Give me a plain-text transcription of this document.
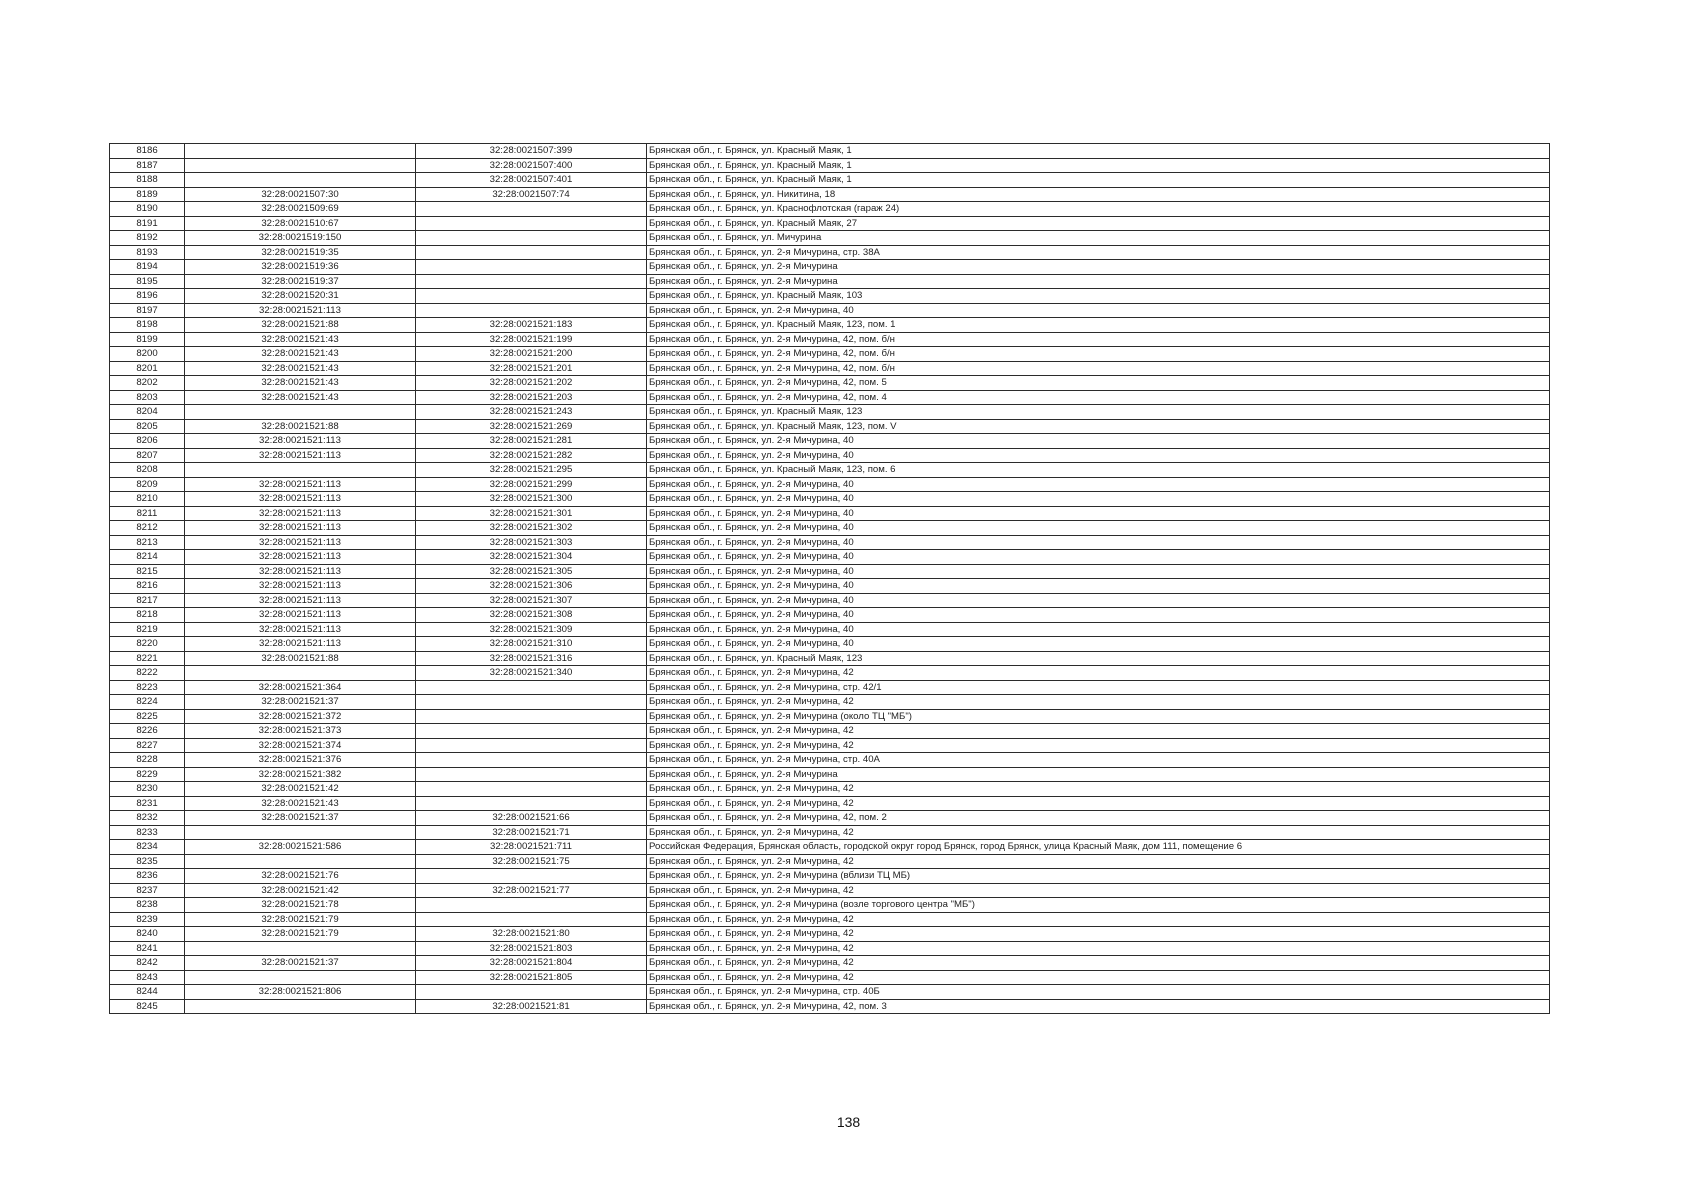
8186		32:28:0021507:399	Брянская обл., г. Брянск, ул. Красный Маяк, 1
8187		32:28:0021507:400	Брянская обл., г. Брянск, ул. Красный Маяк, 1
8188		32:28:0021507:401	Брянская обл., г. Брянск, ул. Красный Маяк, 1
8189	32:28:0021507:30	32:28:0021507:74	Брянская обл., г. Брянск, ул. Никитина, 18
8190	32:28:0021509:69		Брянская обл., г. Брянск, ул. Краснофлотская (гараж 24)
8191	32:28:0021510:67		Брянская обл., г. Брянск, ул. Красный Маяк, 27
8192	32:28:0021519:150		Брянская обл., г. Брянск, ул. Мичурина
8193	32:28:0021519:35		Брянская обл., г. Брянск, ул. 2-я Мичурина, стр. 38А
8194	32:28:0021519:36		Брянская обл., г. Брянск, ул. 2-я Мичурина
8195	32:28:0021519:37		Брянская обл., г. Брянск, ул. 2-я Мичурина
8196	32:28:0021520:31		Брянская обл., г. Брянск, ул. Красный Маяк, 103
8197	32:28:0021521:113		Брянская обл., г. Брянск, ул. 2-я Мичурина, 40
8198	32:28:0021521:88	32:28:0021521:183	Брянская обл., г. Брянск, ул. Красный Маяк, 123, пом. 1
8199	32:28:0021521:43	32:28:0021521:199	Брянская обл., г. Брянск, ул. 2-я Мичурина, 42, пом. б/н
8200	32:28:0021521:43	32:28:0021521:200	Брянская обл., г. Брянск, ул. 2-я Мичурина, 42, пом. б/н
8201	32:28:0021521:43	32:28:0021521:201	Брянская обл., г. Брянск, ул. 2-я Мичурина, 42, пом. б/н
8202	32:28:0021521:43	32:28:0021521:202	Брянская обл., г. Брянск, ул. 2-я Мичурина, 42, пом. 5
8203	32:28:0021521:43	32:28:0021521:203	Брянская обл., г. Брянск, ул. 2-я Мичурина, 42, пом. 4
8204		32:28:0021521:243	Брянская обл., г. Брянск, ул. Красный Маяк, 123
8205	32:28:0021521:88	32:28:0021521:269	Брянская обл., г. Брянск, ул. Красный Маяк, 123, пом. V
8206	32:28:0021521:113	32:28:0021521:281	Брянская обл., г. Брянск, ул. 2-я Мичурина, 40
8207	32:28:0021521:113	32:28:0021521:282	Брянская обл., г. Брянск, ул. 2-я Мичурина, 40
8208		32:28:0021521:295	Брянская обл., г. Брянск, ул. Красный Маяк, 123, пом. 6
8209	32:28:0021521:113	32:28:0021521:299	Брянская обл., г. Брянск, ул. 2-я Мичурина, 40
8210	32:28:0021521:113	32:28:0021521:300	Брянская обл., г. Брянск, ул. 2-я Мичурина, 40
8211	32:28:0021521:113	32:28:0021521:301	Брянская обл., г. Брянск, ул. 2-я Мичурина, 40
8212	32:28:0021521:113	32:28:0021521:302	Брянская обл., г. Брянск, ул. 2-я Мичурина, 40
8213	32:28:0021521:113	32:28:0021521:303	Брянская обл., г. Брянск, ул. 2-я Мичурина, 40
8214	32:28:0021521:113	32:28:0021521:304	Брянская обл., г. Брянск, ул. 2-я Мичурина, 40
8215	32:28:0021521:113	32:28:0021521:305	Брянская обл., г. Брянск, ул. 2-я Мичурина, 40
8216	32:28:0021521:113	32:28:0021521:306	Брянская обл., г. Брянск, ул. 2-я Мичурина, 40
8217	32:28:0021521:113	32:28:0021521:307	Брянская обл., г. Брянск, ул. 2-я Мичурина, 40
8218	32:28:0021521:113	32:28:0021521:308	Брянская обл., г. Брянск, ул. 2-я Мичурина, 40
8219	32:28:0021521:113	32:28:0021521:309	Брянская обл., г. Брянск, ул. 2-я Мичурина, 40
8220	32:28:0021521:113	32:28:0021521:310	Брянская обл., г. Брянск, ул. 2-я Мичурина, 40
8221	32:28:0021521:88	32:28:0021521:316	Брянская обл., г. Брянск, ул. Красный Маяк, 123
8222		32:28:0021521:340	Брянская обл., г. Брянск, ул. 2-я Мичурина, 42
8223	32:28:0021521:364		Брянская обл., г. Брянск, ул. 2-я Мичурина, стр. 42/1
8224	32:28:0021521:37		Брянская обл., г. Брянск, ул. 2-я Мичурина, 42
8225	32:28:0021521:372		Брянская обл., г. Брянск, ул. 2-я Мичурина (около ТЦ "МБ")
8226	32:28:0021521:373		Брянская обл., г. Брянск, ул. 2-я Мичурина, 42
8227	32:28:0021521:374		Брянская обл., г. Брянск, ул. 2-я Мичурина, 42
8228	32:28:0021521:376		Брянская обл., г. Брянск, ул. 2-я Мичурина, стр. 40А
8229	32:28:0021521:382		Брянская обл., г. Брянск, ул. 2-я Мичурина
8230	32:28:0021521:42		Брянская обл., г. Брянск, ул. 2-я Мичурина, 42
8231	32:28:0021521:43		Брянская обл., г. Брянск, ул. 2-я Мичурина, 42
8232	32:28:0021521:37	32:28:0021521:66	Брянская обл., г. Брянск, ул. 2-я Мичурина, 42, пом. 2
8233		32:28:0021521:71	Брянская обл., г. Брянск, ул. 2-я Мичурина, 42
8234	32:28:0021521:586	32:28:0021521:711	Российская Федерация, Брянская область, городской округ город Брянск, город Брянск, улица Красный Маяк, дом 111, помещение 6
8235		32:28:0021521:75	Брянская обл., г. Брянск, ул. 2-я Мичурина, 42
8236	32:28:0021521:76		Брянская обл., г. Брянск, ул. 2-я Мичурина (вблизи ТЦ МБ)
8237	32:28:0021521:42	32:28:0021521:77	Брянская обл., г. Брянск, ул. 2-я Мичурина, 42
8238	32:28:0021521:78		Брянская обл., г. Брянск, ул. 2-я Мичурина (возле торгового центра "МБ")
8239	32:28:0021521:79		Брянская обл., г. Брянск, ул. 2-я Мичурина, 42
8240	32:28:0021521:79	32:28:0021521:80	Брянская обл., г. Брянск, ул. 2-я Мичурина, 42
8241		32:28:0021521:803	Брянская обл., г. Брянск, ул. 2-я Мичурина, 42
8242	32:28:0021521:37	32:28:0021521:804	Брянская обл., г. Брянск, ул. 2-я Мичурина, 42
8243		32:28:0021521:805	Брянская обл., г. Брянск, ул. 2-я Мичурина, 42
8244	32:28:0021521:806		Брянская обл., г. Брянск, ул. 2-я Мичурина, стр. 40Б
8245		32:28:0021521:81	Брянская обл., г. Брянск, ул. 2-я Мичурина, 42, пом. 3
138
